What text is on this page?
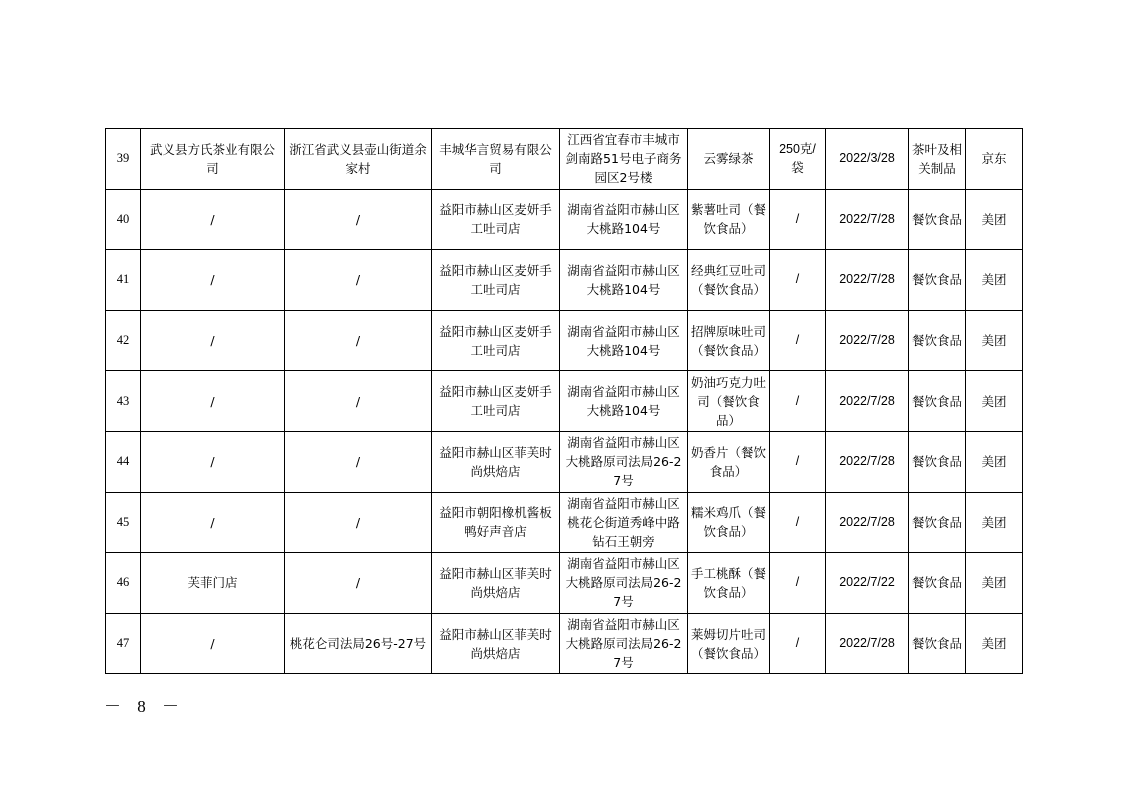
39	武义县方氏茶业有限公司	浙江省武义县壶山街道余家村	丰城华言贸易有限公司	江西省宜春市丰城市剑南路51号电子商务园区2号楼	云雾绿茶	250克/袋	2022/3/28	茶叶及相关制品	京东
40	/	/	益阳市赫山区麦妍手工吐司店	湖南省益阳市赫山区大桃路104号	紫薯吐司（餐饮食品）	/	2022/7/28	餐饮食品	美团
41	/	/	益阳市赫山区麦妍手工吐司店	湖南省益阳市赫山区大桃路104号	经典红豆吐司（餐饮食品）	/	2022/7/28	餐饮食品	美团
42	/	/	益阳市赫山区麦妍手工吐司店	湖南省益阳市赫山区大桃路104号	招牌原味吐司（餐饮食品）	/	2022/7/28	餐饮食品	美团
43	/	/	益阳市赫山区麦妍手工吐司店	湖南省益阳市赫山区大桃路104号	奶油巧克力吐司（餐饮食品）	/	2022/7/28	餐饮食品	美团
44	/	/	益阳市赫山区菲芙时尚烘焙店	湖南省益阳市赫山区大桃路原司法局26-27号	奶香片（餐饮食品）	/	2022/7/28	餐饮食品	美团
45	/	/	益阳市朝阳橡机酱板鸭好声音店	湖南省益阳市赫山区桃花仑街道秀峰中路钻石王朝旁	糯米鸡爪（餐饮食品）	/	2022/7/28	餐饮食品	美团
46	芙菲门店	/	益阳市赫山区菲芙时尚烘焙店	湖南省益阳市赫山区大桃路原司法局26-27号	手工桃酥（餐饮食品）	/	2022/7/22	餐饮食品	美团
47	/	桃花仑司法局26号-27号	益阳市赫山区菲芙时尚烘焙店	湖南省益阳市赫山区大桃路原司法局26-27号	莱姆切片吐司（餐饮食品）	/	2022/7/28	餐饮食品	美团
－ 8 －
